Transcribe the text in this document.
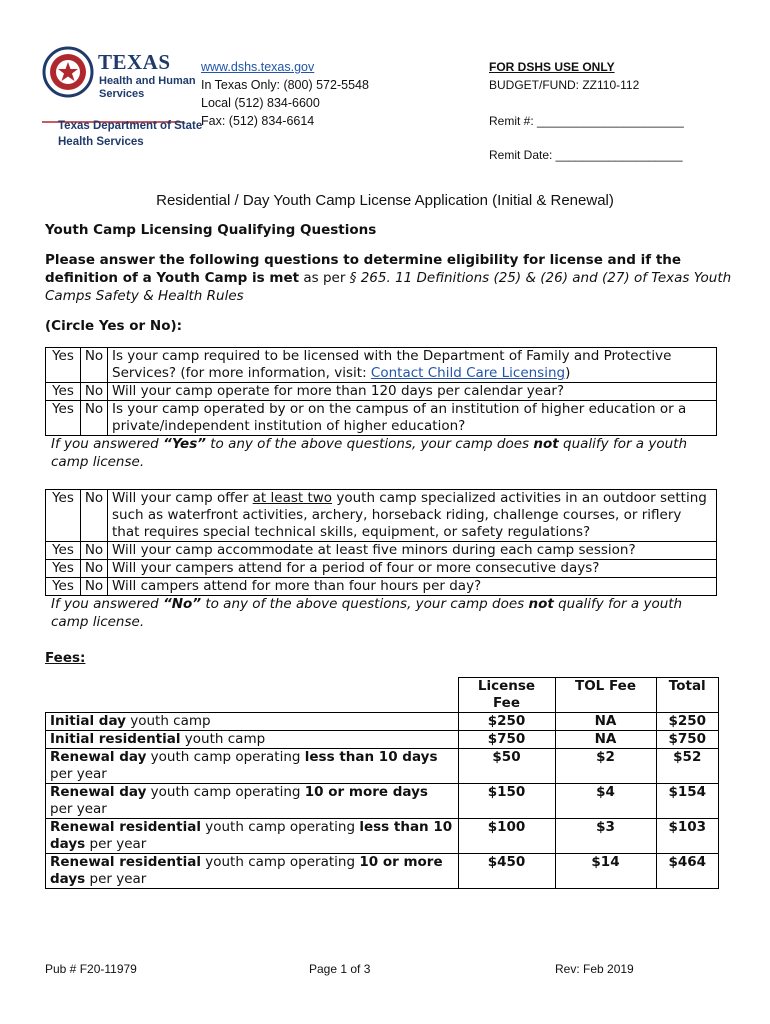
TEXAS
Health and Human
Services
Texas Department of State
Health Services
www.dshs.texas.gov
In Texas Only: (800) 572-5548
Local (512) 834-6600
Fax: (512) 834-6614
FOR DSHS USE ONLY
BUDGET/FUND: ZZ110-112
Remit #: ______________________
Remit Date: ___________________
Residential / Day Youth Camp License Application (Initial & Renewal)
Youth Camp Licensing Qualifying Questions
Please answer the following questions to determine eligibility for license and if the definition of a Youth Camp is met as per § 265. 11 Definitions (25) & (26) and (27) of Texas Youth Camps Safety & Health Rules
(Circle Yes or No):
Yes	No	Is your camp required to be licensed with the Department of Family and Protective Services? (for more information, visit: Contact Child Care Licensing)
Yes	No	Will your camp operate for more than 120 days per calendar year?
Yes	No	Is your camp operated by or on the campus of an institution of higher education or a private/independent institution of higher education?
If you answered “Yes” to any of the above questions, your camp does not qualify for a youth camp license.
Yes	No	Will your camp offer at least two youth camp specialized activities in an outdoor setting such as waterfront activities, archery, horseback riding, challenge courses, or riflery that requires special technical skills, equipment, or safety regulations?
Yes	No	Will your camp accommodate at least five minors during each camp session?
Yes	No	Will your campers attend for a period of four or more consecutive days?
Yes	No	Will campers attend for more than four hours per day?
If you answered “No” to any of the above questions, your camp does not qualify for a youth camp license.
Fees:
	License Fee	TOL Fee	Total
Initial day youth camp	$250	NA	$250
Initial residential youth camp	$750	NA	$750
Renewal day youth camp operating less than 10 days per year	$50	$2	$52
Renewal day youth camp operating 10 or more days per year	$150	$4	$154
Renewal residential youth camp operating less than 10 days per year	$100	$3	$103
Renewal residential youth camp operating 10 or more days per year	$450	$14	$464
Pub # F20-11979	Page 1 of 3	Rev: Feb 2019
